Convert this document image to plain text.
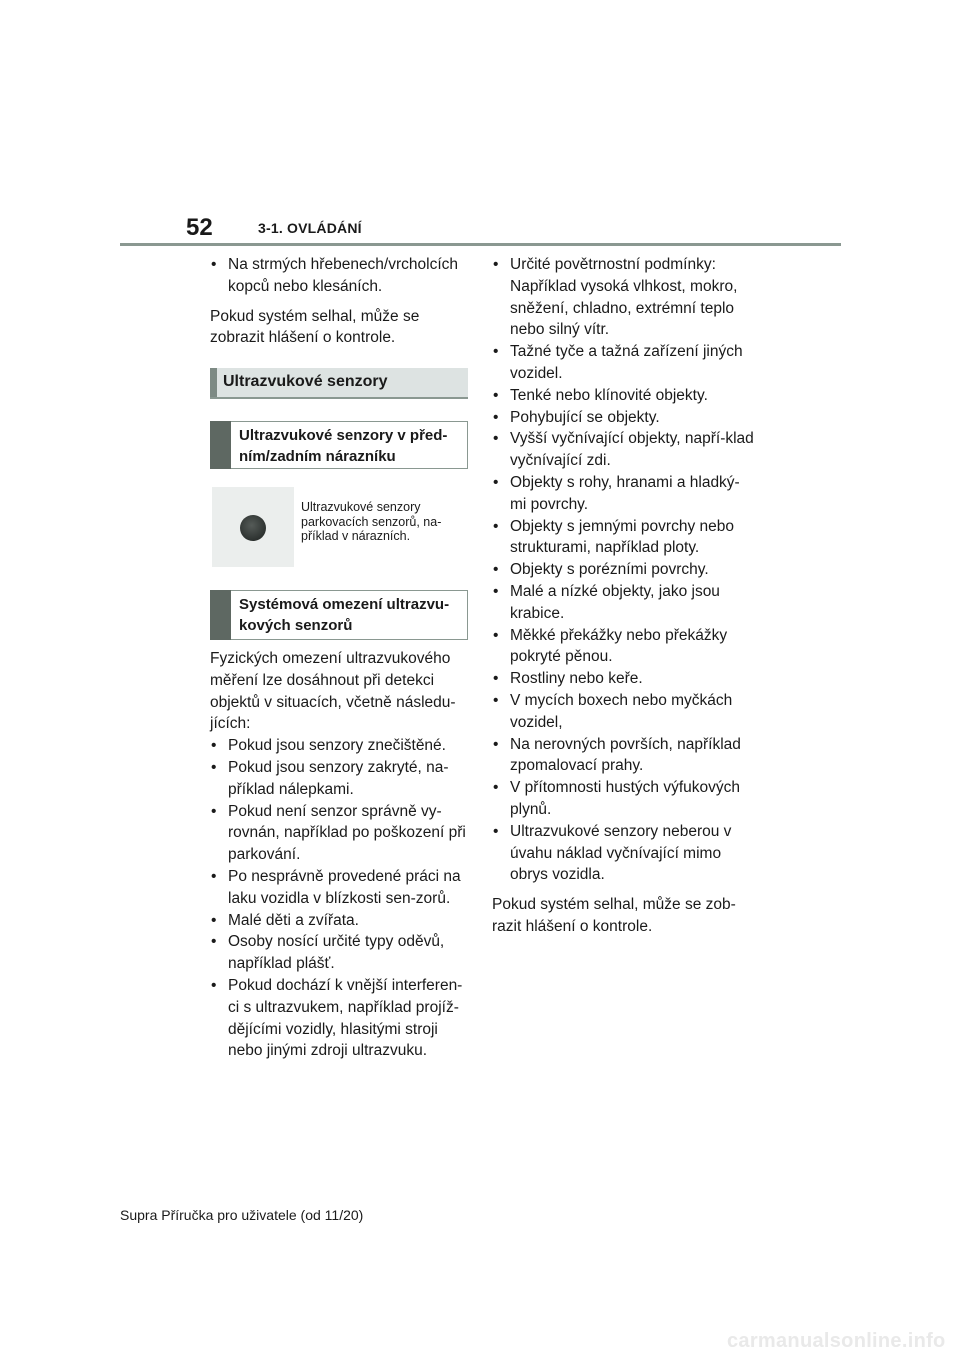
52	3-1. OVLÁDÁNÍ
• Na strmých hřebenech/vrcholcích kopců nebo klesáních.

Pokud systém selhal, může se zobrazit hlášení o kontrole.

Ultrazvukové senzory
Ultrazvukové senzory v před-ním/zadním nárazníku
Ultrazvukové senzory parkovacích senzorů, na-příklad v nárazních.
Systémová omezení ultrazvu-kových senzorů

Fyzických omezení ultrazvukového měření lze dosáhnout při detekci objektů v situacích, včetně následu-jících:

• Pokud jsou senzory znečištěné.
• Pokud jsou senzory zakryté, na-příklad nálepkami.
• Pokud není senzor správně vy-rovnán, například po poškození při parkování.
• Po nesprávně provedené práci na laku vozidla v blízkosti sen-zorů.
• Malé děti a zvířata.
• Osoby nosící určité typy oděvů, například plášť.
• Pokud dochází k vnější interferen-ci s ultrazvukem, například projíž-dějícími vozidly, hlasitými stroji nebo jinými zdroji ultrazvuku.
• Určité povětrnostní podmínky: Například vysoká vlhkost, mokro, sněžení, chladno, extrémní teplo nebo silný vítr.
• Tažné tyče a tažná zařízení jiných vozidel.
• Tenké nebo klínovité objekty.
• Pohybující se objekty.
• Vyšší vyčnívající objekty, napří-klad vyčnívající zdi.
• Objekty s rohy, hranami a hladký-mi povrchy.
• Objekty s jemnými povrchy nebo strukturami, například ploty.
• Objekty s porézními povrchy.
• Malé a nízké objekty, jako jsou krabice.
• Měkké překážky nebo překážky pokryté pěnou.
• Rostliny nebo keře.
• V mycích boxech nebo myčkách vozidel,
• Na nerovných površích, například zpomalovací prahy.
• V přítomnosti hustých výfukových plynů.
• Ultrazvukové senzory neberou v úvahu náklad vyčnívající mimo obrys vozidla.

Pokud systém selhal, může se zob-razit hlášení o kontrole.

Supra Příručka pro uživatele (od 11/20)
carmanualsonline.info
